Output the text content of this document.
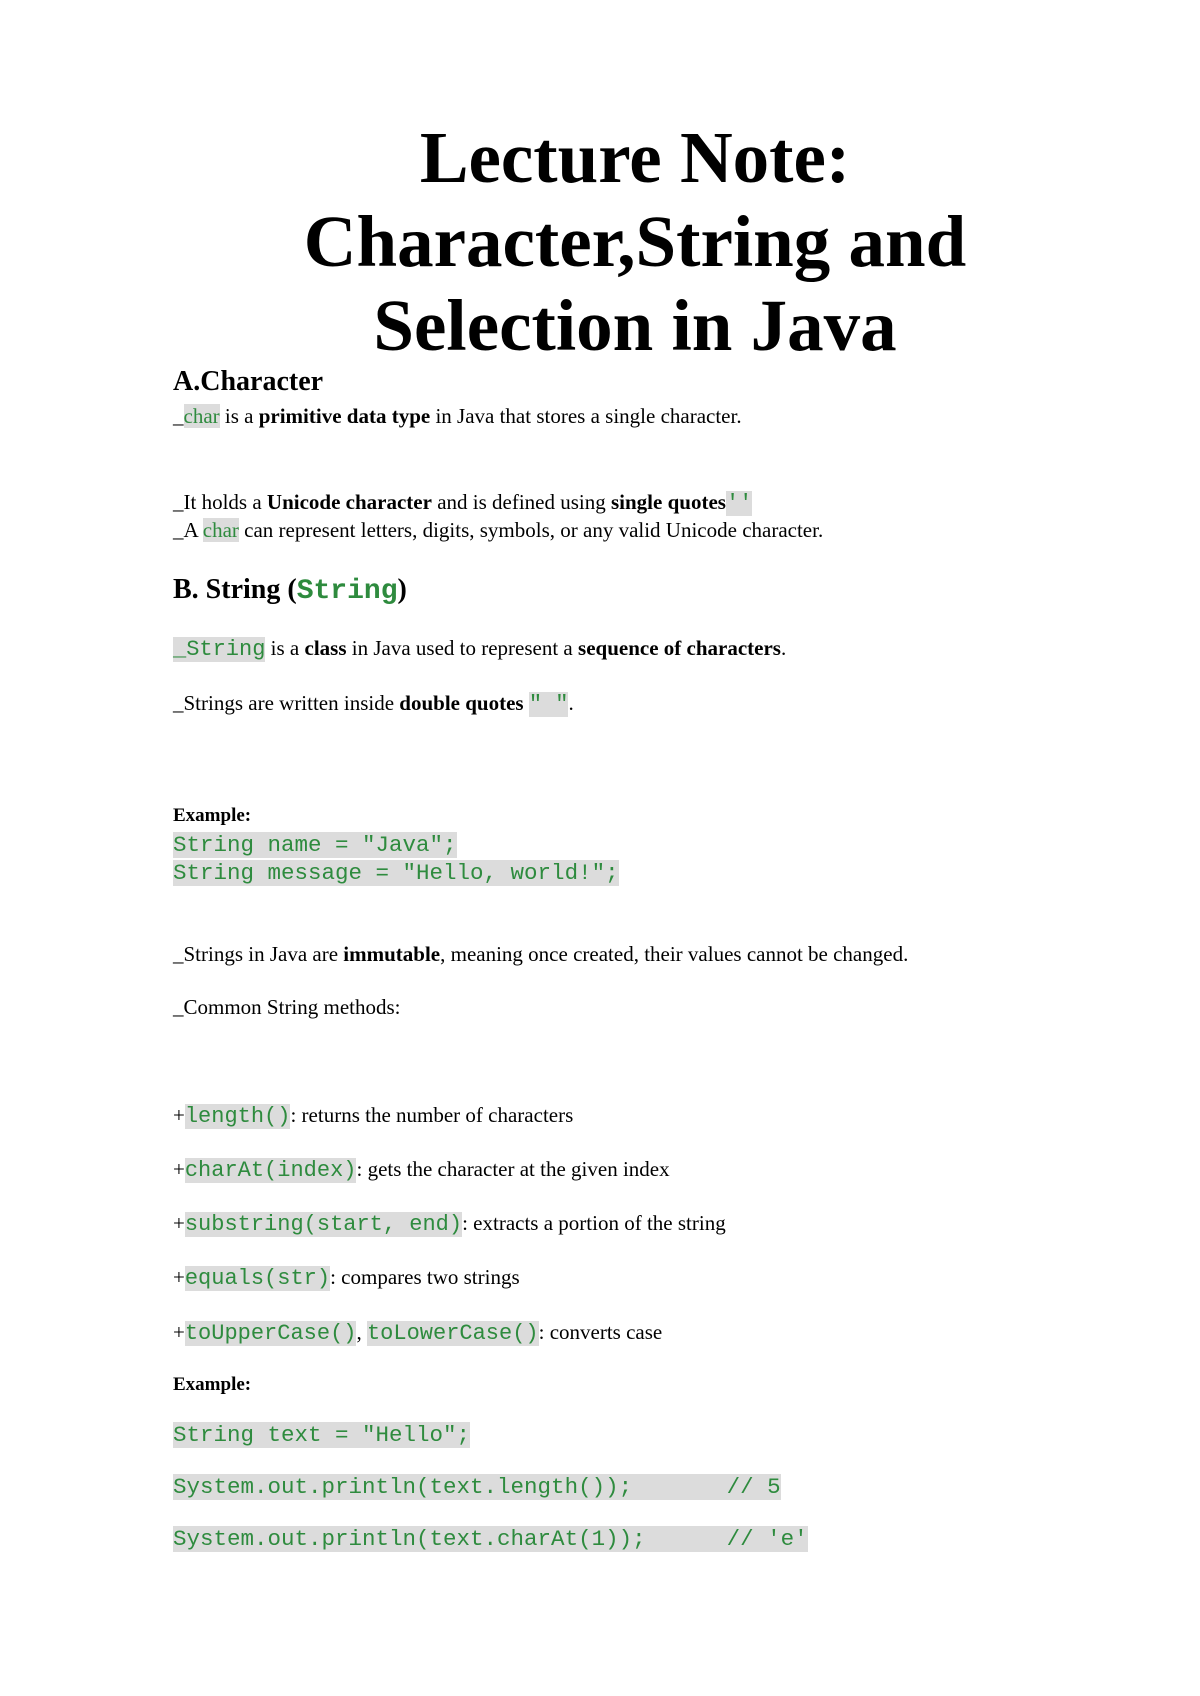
Lecture Note:
Character,String and
Selection in Java
A.Character
_char is a primitive data type in Java that stores a single character.
_It holds a Unicode character and is defined using single quotes''
_A char can represent letters, digits, symbols, or any valid Unicode character.
B. String (String)
_String is a class in Java used to represent a sequence of characters.
_Strings are written inside double quotes " ".
Example:
String name = "Java";
String message = "Hello, world!";
_Strings in Java are immutable, meaning once created, their values cannot be changed.
_Common String methods:
+length(): returns the number of characters
+charAt(index): gets the character at the given index
+substring(start, end): extracts a portion of the string
+equals(str): compares two strings
+toUpperCase(), toLowerCase(): converts case
Example:
String text = "Hello";
System.out.println(text.length());       // 5
System.out.println(text.charAt(1));      // 'e'
